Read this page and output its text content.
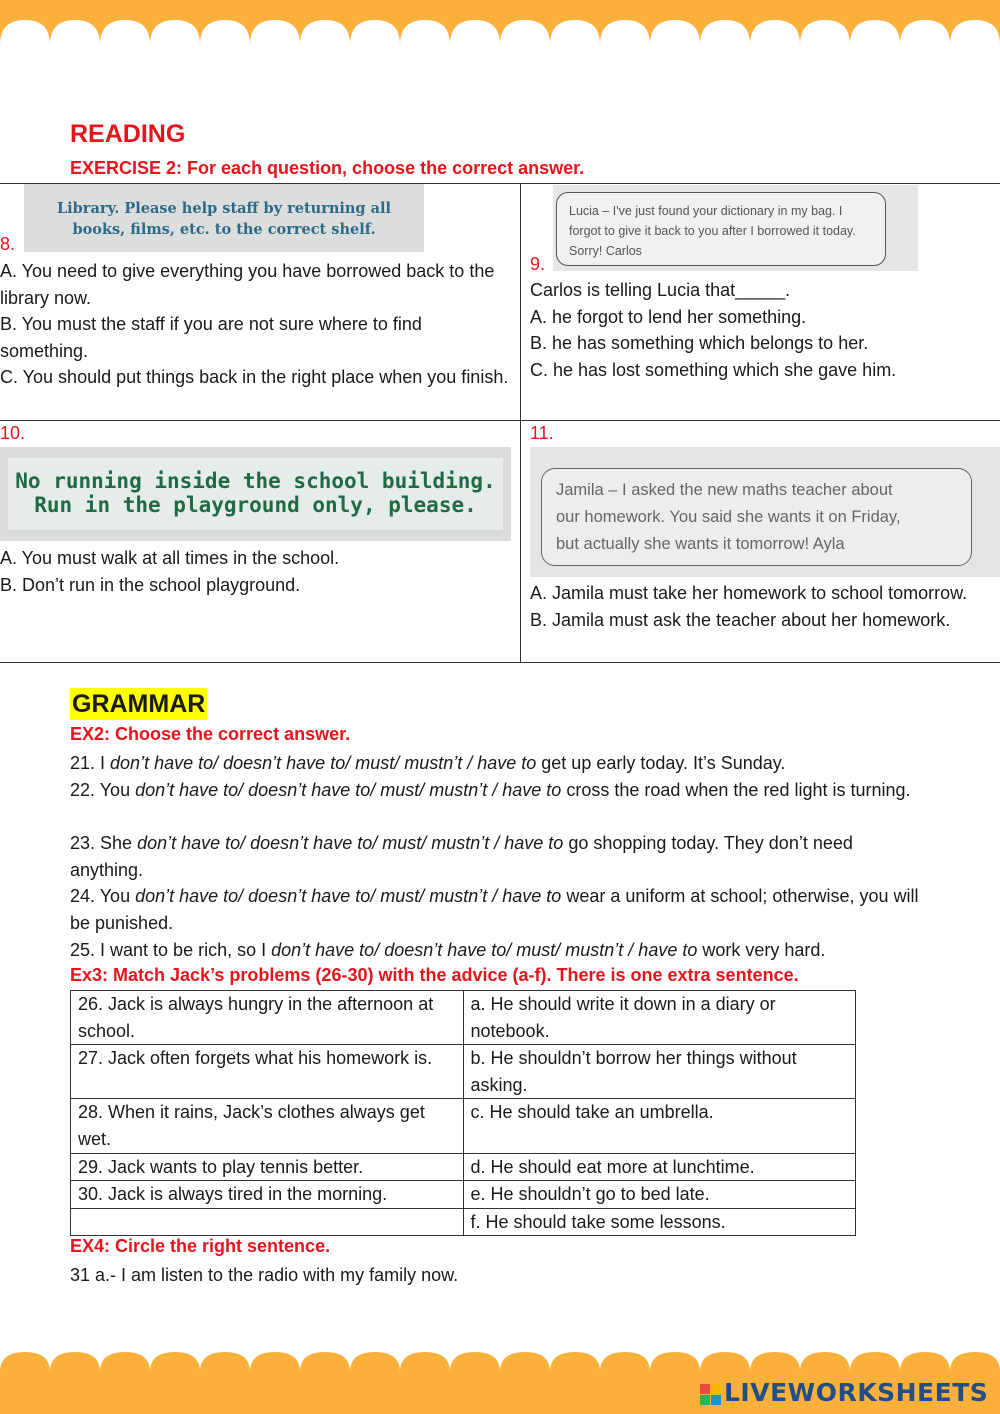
READING
EXERCISE 2: For each question, choose the correct answer.
Library. Please help staff by returning all
books, films, etc. to the correct shelf.
8.
A. You need to give everything you have borrowed back to the library now.
B. You must the staff if you are not sure where to find something.
C. You should put things back in the right place when you finish.
Lucia – I've just found your dictionary in my bag. I
forgot to give it back to you after I borrowed it today.
Sorry! Carlos
9.
Carlos is telling Lucia that_____.
A. he forgot to lend her something.
B. he has something which belongs to her.
C. he has lost something which she gave him.
10.
No running inside the school building.
Run in the playground only, please.
A. You must walk at all times in the school.
B. Don’t run in the school playground.
11.
Jamila – I asked the new maths teacher about
our homework. You said she wants it on Friday,
but actually she wants it tomorrow! Ayla
A. Jamila must take her homework to school tomorrow.
B. Jamila must ask the teacher about her homework.
GRAMMAR
EX2: Choose the correct answer.
21. I don’t have to/ doesn’t have to/ must/ mustn’t / have to get up early today. It’s Sunday.
22. You don’t have to/ doesn’t have to/ must/ mustn’t / have to cross the road when the red light is turning.
23. She don’t have to/ doesn’t have to/ must/ mustn’t / have to go shopping today. They don’t need anything.
24. You don’t have to/ doesn’t have to/ must/ mustn’t / have to wear a uniform at school; otherwise, you will be punished.
25. I want to be rich, so I don’t have to/ doesn’t have to/ must/ mustn’t / have to work very hard.
Ex3: Match Jack’s problems (26-30) with the advice (a-f). There is one extra sentence.
26. Jack is always hungry in the afternoon at school.	a. He should write it down in a diary or notebook.
27. Jack often forgets what his homework is.	b. He shouldn’t borrow her things without asking.
28. When it rains, Jack’s clothes always get wet.	c. He should take an umbrella.
29. Jack wants to play tennis better.	d. He should eat more at lunchtime.
30. Jack is always tired in the morning.	e. He shouldn’t go to bed late.
	f. He should take some lessons.
EX4: Circle the right sentence.
31 a.- I am listen to the radio with my family now.
LIVEWORKSHEETS
